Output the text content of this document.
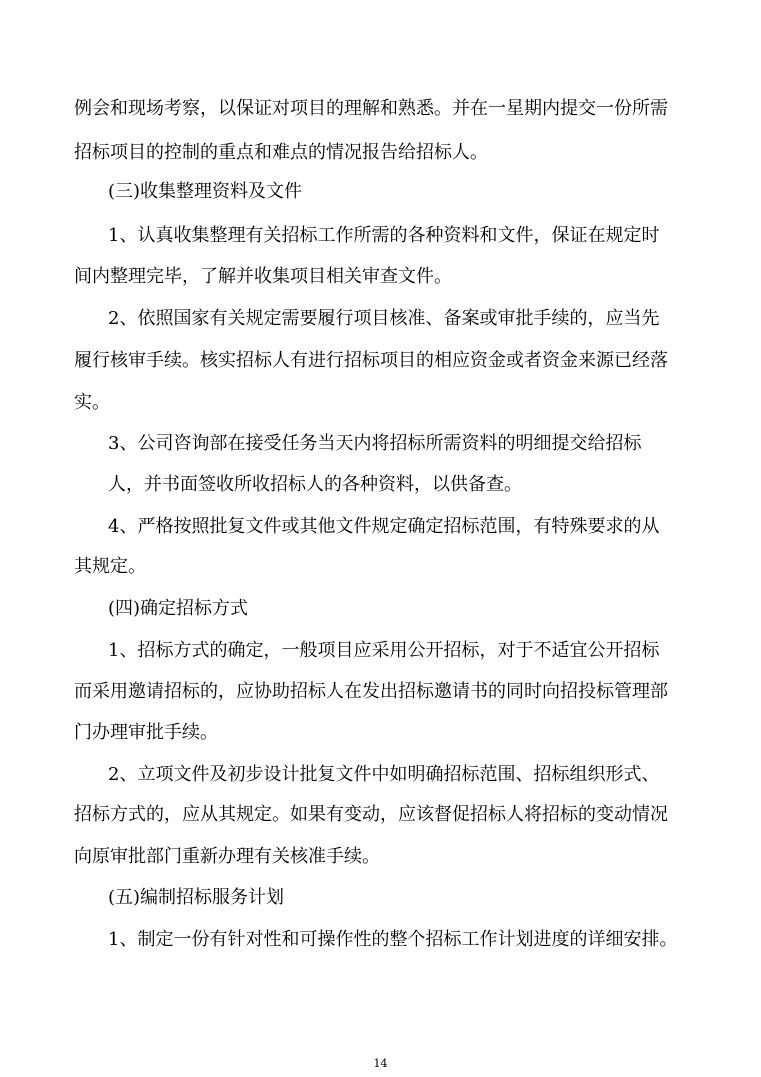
例会和现场考察，以保证对项目的理解和熟悉。并在一星期内提交一份所需

招标项目的控制的重点和难点的情况报告给招标人。

(三)收集整理资料及文件

1、认真收集整理有关招标工作所需的各种资料和文件，保证在规定时

间内整理完毕，了解并收集项目相关审查文件。

2、依照国家有关规定需要履行项目核准、备案或审批手续的，应当先

履行核审手续。核实招标人有进行招标项目的相应资金或者资金来源已经落

实。

3、公司咨询部在接受任务当天内将招标所需资料的明细提交给招标

人，并书面签收所收招标人的各种资料，以供备查。

4、严格按照批复文件或其他文件规定确定招标范围，有特殊要求的从

其规定。

(四)确定招标方式

1、招标方式的确定，一般项目应采用公开招标，对于不适宜公开招标

而采用邀请招标的，应协助招标人在发出招标邀请书的同时向招投标管理部

门办理审批手续。

2、立项文件及初步设计批复文件中如明确招标范围、招标组织形式、

招标方式的，应从其规定。如果有变动，应该督促招标人将招标的变动情况

向原审批部门重新办理有关核准手续。

(五)编制招标服务计划

1、制定一份有针对性和可操作性的整个招标工作计划进度的详细安排。

14
